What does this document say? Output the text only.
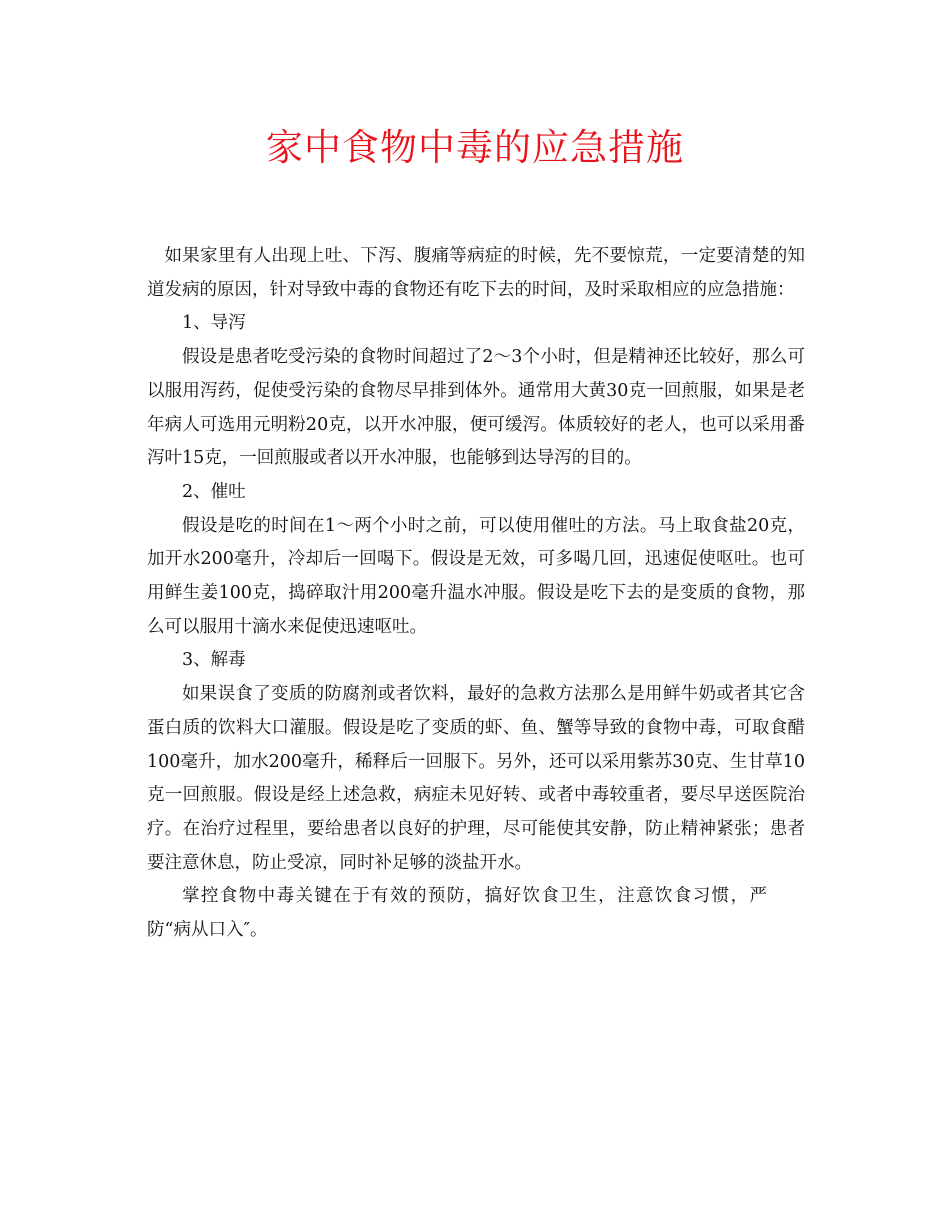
家中食物中毒的应急措施

如果家里有人出现上吐、下泻、腹痛等病症的时候，先不要惊荒，一定要清楚的知道发病的原因，针对导致中毒的食物还有吃下去的时间，及时采取相应的应急措施：

1、导泻

假设是患者吃受污染的食物时间超过了2～3个小时，但是精神还比较好，那么可以服用泻药，促使受污染的食物尽早排到体外。通常用大黄30克一回煎服，如果是老年病人可选用元明粉20克，以开水冲服，便可缓泻。体质较好的老人，也可以采用番泻叶15克，一回煎服或者以开水冲服，也能够到达导泻的目的。

2、催吐

假设是吃的时间在1～两个小时之前，可以使用催吐的方法。马上取食盐20克，加开水200毫升，冷却后一回喝下。假设是无效，可多喝几回，迅速促使呕吐。也可用鲜生姜100克，捣碎取汁用200毫升温水冲服。假设是吃下去的是变质的食物，那么可以服用十滴水来促使迅速呕吐。

3、解毒

如果误食了变质的防腐剂或者饮料，最好的急救方法那么是用鲜牛奶或者其它含蛋白质的饮料大口灌服。假设是吃了变质的虾、鱼、蟹等导致的食物中毒，可取食醋100毫升，加水200毫升，稀释后一回服下。另外，还可以采用紫苏30克、生甘草10克一回煎服。假设是经上述急救，病症未见好转、或者中毒较重者，要尽早送医院治疗。在治疗过程里，要给患者以良好的护理，尽可能使其安静，防止精神紧张；患者要注意休息，防止受凉，同时补足够的淡盐开水。

掌控食物中毒关键在于有效的预防，搞好饮食卫生，注意饮食习惯，严防“病从口入″。
